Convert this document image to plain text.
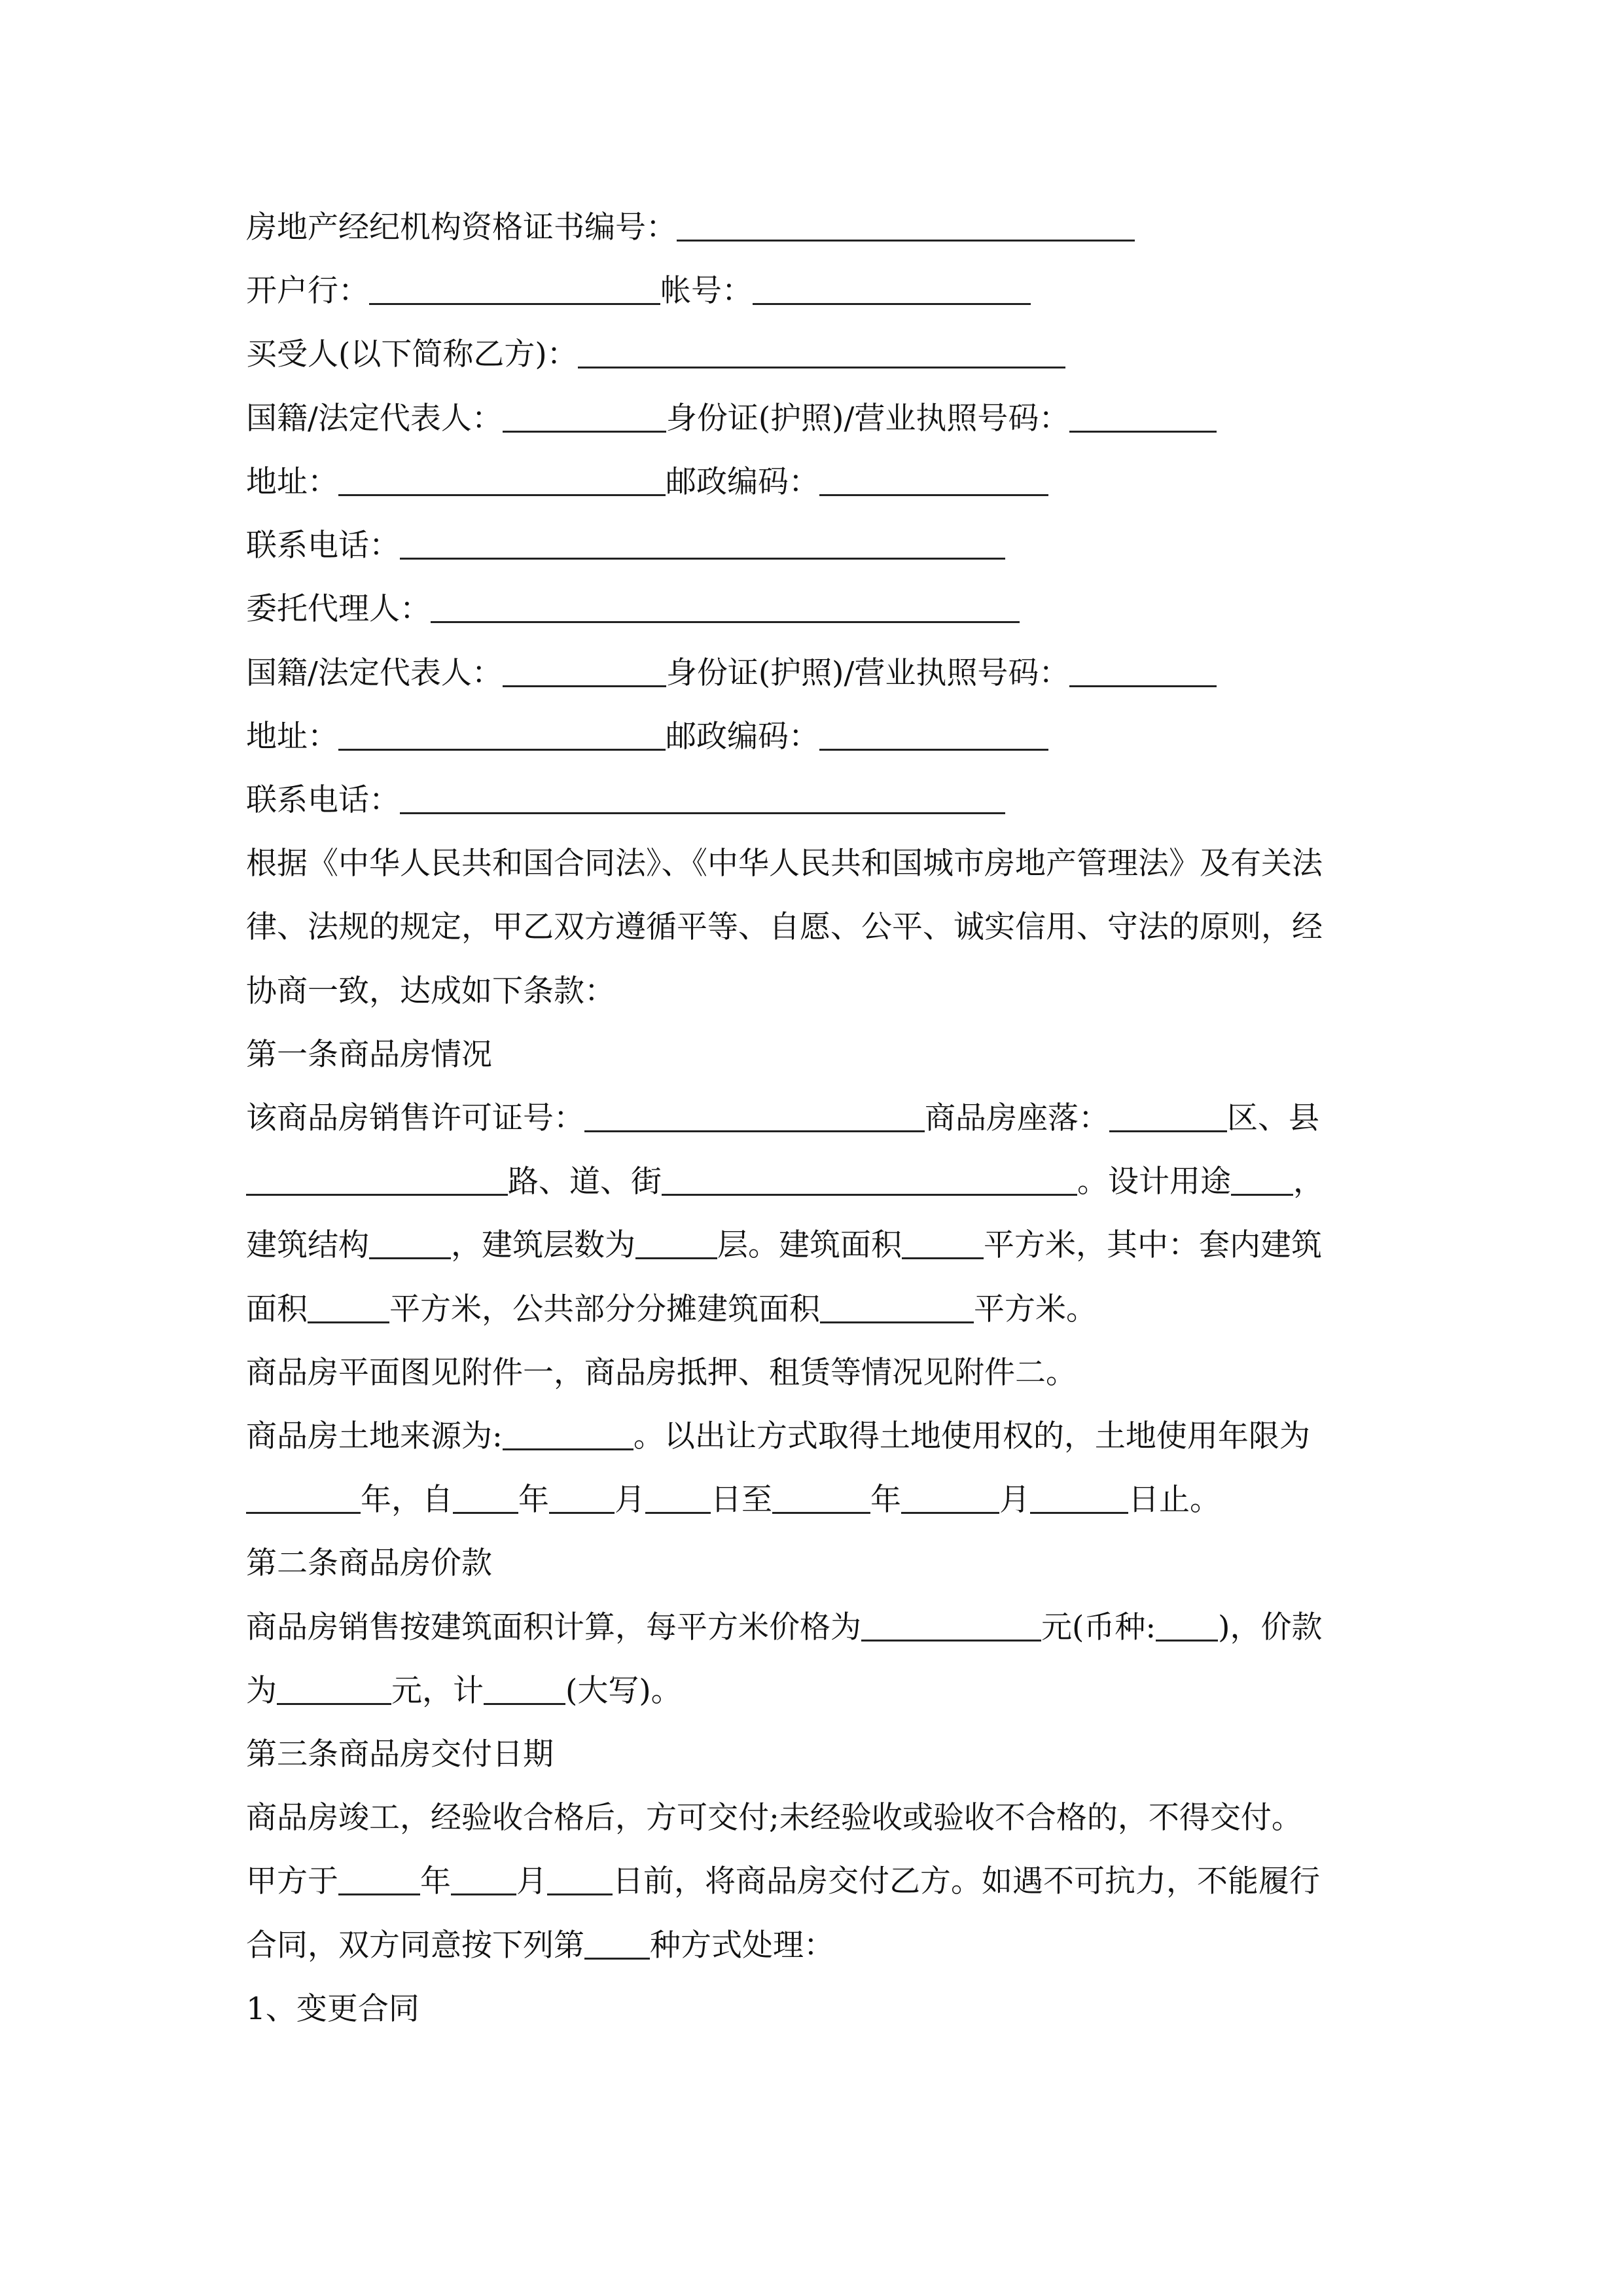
房地产经纪机构资格证书编号：
开户行：	帐号：
买受人(以下简称乙方)：
国籍/法定代表人：	身份证(护照)/营业执照号码：
地址：	邮政编码：
联系电话：
委托代理人：
国籍/法定代表人：	身份证(护照)/营业执照号码：
地址：	邮政编码：
联系电话：
根据《中华人民共和国合同法》、《中华人民共和国城市房地产管理法》及有关法
律、法规的规定，甲乙双方遵循平等、自愿、公平、诚实信用、守法的原则，经
协商一致，达成如下条款：
第一条商品房情况
该商品房销售许可证号：	商品房座落：	区、县
路、道、街	。设计用途 ，
建筑结构	，建筑层数为	层。建筑面积	平方米，其中：套内建筑
面积	平方米，公共部分分摊建筑面积	平方米。
商品房平面图见附件一，商品房抵押、租赁等情况见附件二。
商品房土地来源为:	。以出让方式取得土地使用权的，土地使用年限为
年，自 年 月 日至	年	月	日止。
第二条商品房价款
商品房销售按建筑面积计算，每平方米价格为	元(币种: )，价款
为	元，计	(大写)。
第三条商品房交付日期
商品房竣工，经验收合格后，方可交付;未经验收或验收不合格的，不得交付。
甲方于	年 月 日前，将商品房交付乙方。如遇不可抗力，不能履行
合同，双方同意按下列第 种方式处理：
1、变更合同
